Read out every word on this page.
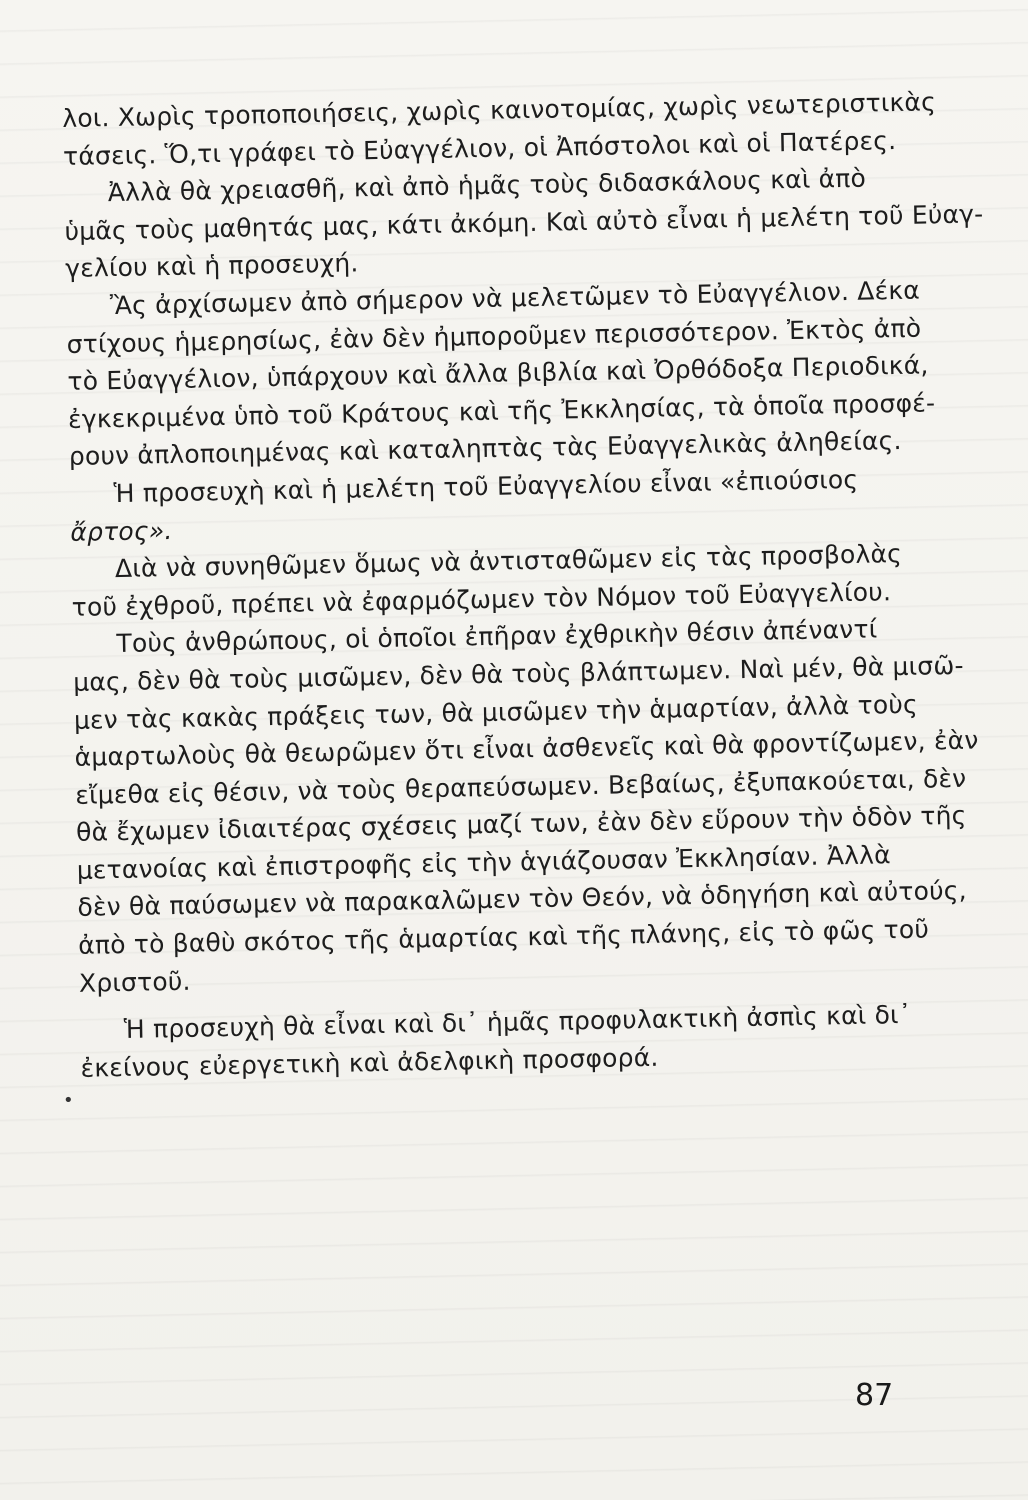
λοι. Χωρὶς τροποποιήσεις, χωρὶς καινοτομίας, χωρὶς νεωτεριστικὰς
τάσεις. Ὅ,τι γράφει τὸ Εὐαγγέλιον, οἱ Ἀπόστολοι καὶ οἱ Πατέρες.
Ἀλλὰ θὰ χρειασθῆ, καὶ ἀπὸ ἡμᾶς τοὺς διδασκάλους καὶ ἀπὸ
ὑμᾶς τοὺς μαθητάς μας, κάτι ἀκόμη. Καὶ αὐτὸ εἶναι ἡ μελέτη τοῦ Εὐαγ-
γελίου καὶ ἡ προσευχή.
Ἂς ἀρχίσωμεν ἀπὸ σήμερον νὰ μελετῶμεν τὸ Εὐαγγέλιον. Δέκα
στίχους ἡμερησίως, ἐὰν δὲν ἠμποροῦμεν περισσότερον. Ἐκτὸς ἀπὸ
τὸ Εὐαγγέλιον, ὑπάρχουν καὶ ἄλλα βιβλία καὶ Ὀρθόδοξα Περιοδικά,
ἐγκεκριμένα ὑπὸ τοῦ Κράτους καὶ τῆς Ἐκκλησίας, τὰ ὁποῖα προσφέ-
ρουν ἀπλοποιημένας καὶ καταληπτὰς τὰς Εὐαγγελικὰς ἀληθείας.
Ἡ προσευχὴ καὶ ἡ μελέτη τοῦ Εὐαγγελίου εἶναι «ἐπιούσιος
ἄρτος».
Διὰ νὰ συνηθῶμεν ὅμως νὰ ἀντισταθῶμεν εἰς τὰς προσβολὰς
τοῦ ἐχθροῦ, πρέπει νὰ ἐφαρμόζωμεν τὸν Νόμον τοῦ Εὐαγγελίου.
Τοὺς ἀνθρώπους, οἱ ὁποῖοι ἐπῆραν ἐχθρικὴν θέσιν ἀπέναντί
μας, δὲν θὰ τοὺς μισῶμεν, δὲν θὰ τοὺς βλάπτωμεν. Ναὶ μέν, θὰ μισῶ-
μεν τὰς κακὰς πράξεις των, θὰ μισῶμεν τὴν ἁμαρτίαν, ἀλλὰ τοὺς
ἁμαρτωλοὺς θὰ θεωρῶμεν ὅτι εἶναι ἀσθενεῖς καὶ θὰ φροντίζωμεν, ἐὰν
εἴμεθα εἰς θέσιν, νὰ τοὺς θεραπεύσωμεν. Βεβαίως, ἐξυπακούεται, δὲν
θὰ ἔχωμεν ἰδιαιτέρας σχέσεις μαζί των, ἐὰν δὲν εὕρουν τὴν ὁδὸν τῆς
μετανοίας καὶ ἐπιστροφῆς εἰς τὴν ἁγιάζουσαν Ἐκκλησίαν. Ἀλλὰ
δὲν θὰ παύσωμεν νὰ παρακαλῶμεν τὸν Θεόν, νὰ ὁδηγήση καὶ αὐτούς,
ἀπὸ τὸ βαθὺ σκότος τῆς ἁμαρτίας καὶ τῆς πλάνης, εἰς τὸ φῶς τοῦ
Χριστοῦ.
Ἡ προσευχὴ θὰ εἶναι καὶ δι᾽ ἡμᾶς προφυλακτικὴ ἀσπὶς καὶ δι᾽
ἐκείνους εὐεργετικὴ καὶ ἀδελφικὴ προσφορά.
•
87
